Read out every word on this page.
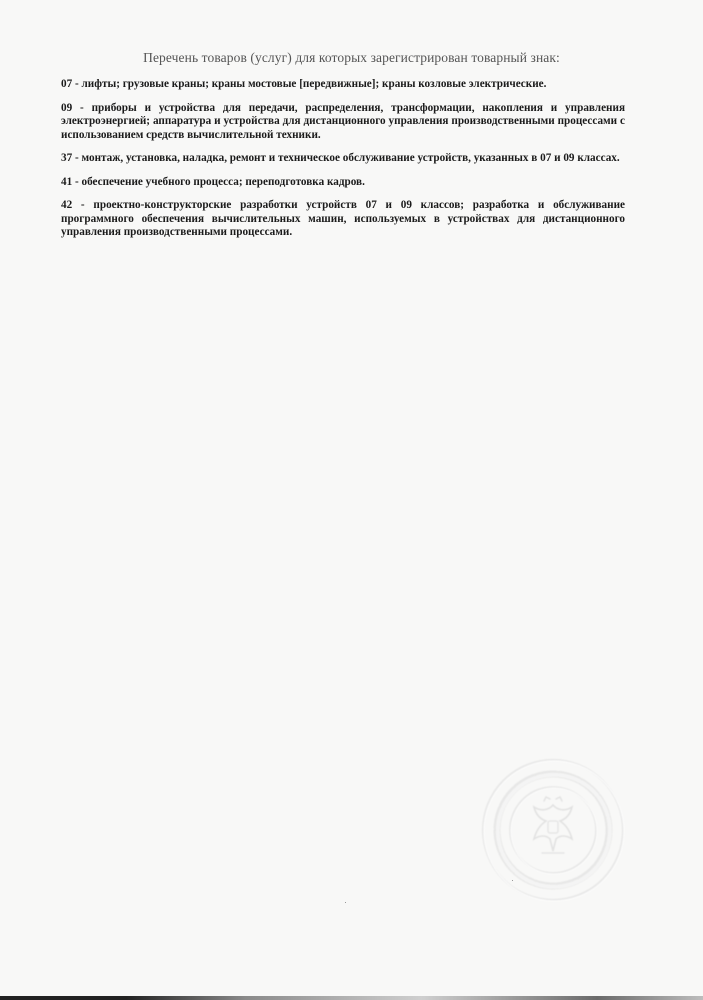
Перечень товаров (услуг) для которых зарегистрирован товарный знак:

07 - лифты; грузовые краны; краны мостовые [передвижные]; краны козловые электрические.

09 - приборы и устройства для передачи, распределения, трансформации, накопления и управления электроэнергией; аппаратура и устройства для дистанционного управления производственными процессами с использованием средств вычислительной техники.

37 - монтаж, установка, наладка, ремонт и техническое обслуживание устройств, указанных в 07 и 09 классах.

41 - обеспечение учебного процесса; переподготовка кадров.

42 - проектно-конструкторские разработки устройств 07 и 09 классов; разработка и обслуживание программного обеспечения вычислительных машин, используемых в устройствах для дистанционного управления производственными процессами.
